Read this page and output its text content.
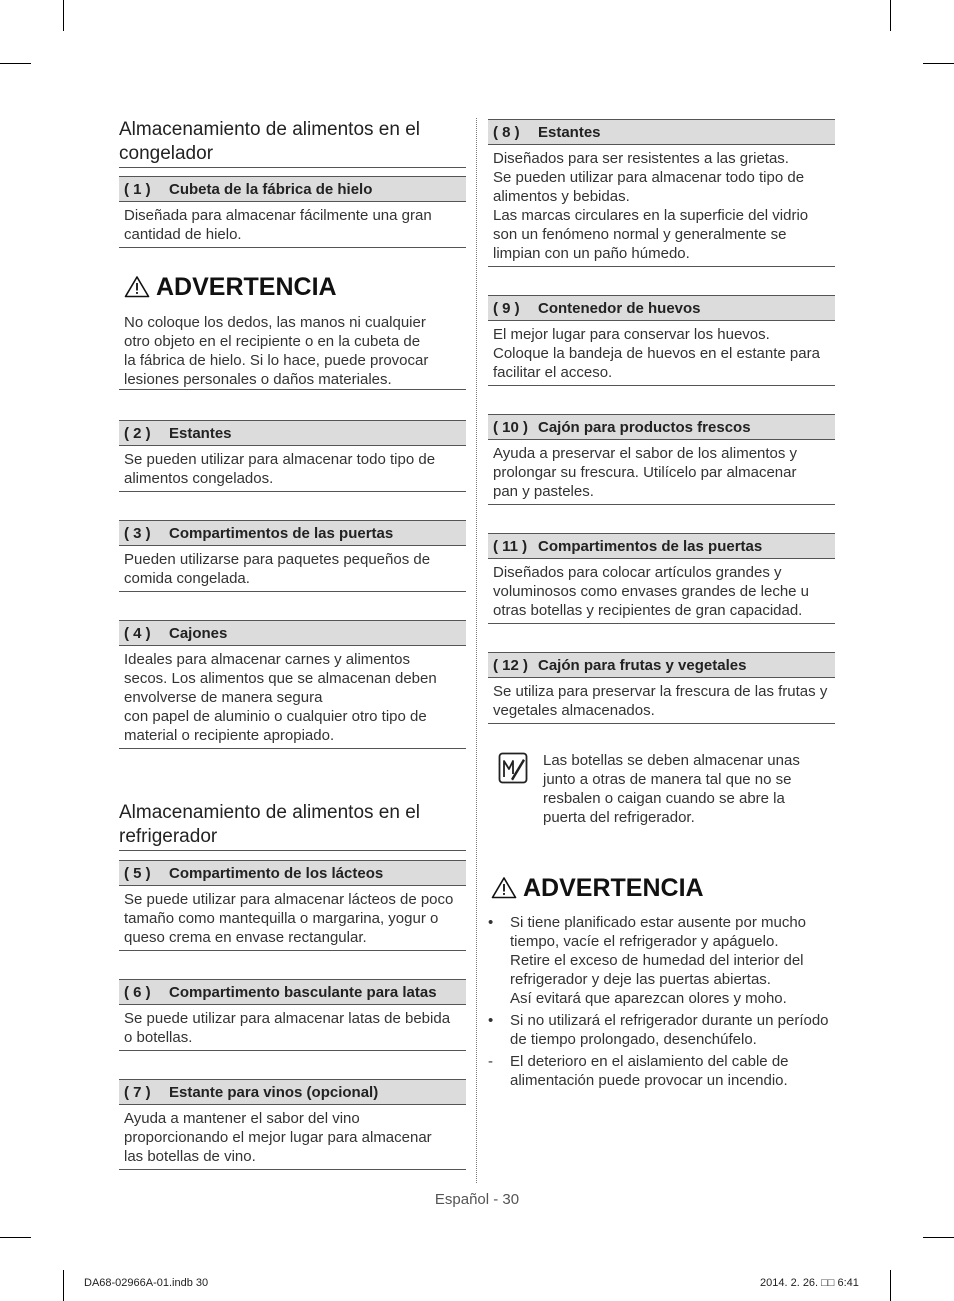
Almacenamiento de alimentos en el congelador
( 1 ) Cubeta de la fábrica de hielo
Diseñada para almacenar fácilmente una gran
cantidad de hielo.
ADVERTENCIA
No coloque los dedos, las manos ni cualquier
otro objeto en el recipiente o en la cubeta de
la fábrica de hielo. Si lo hace, puede provocar
lesiones personales o daños materiales.
( 2 ) Estantes
Se pueden utilizar para almacenar todo tipo de
alimentos congelados.
( 3 ) Compartimentos de las puertas
Pueden utilizarse para paquetes pequeños de
comida congelada.
( 4 ) Cajones
Ideales para almacenar carnes y alimentos
secos. Los alimentos que se almacenan deben
envolverse de manera segura
con papel de aluminio o cualquier otro tipo de
material o recipiente apropiado.
Almacenamiento de alimentos en el refrigerador
( 5 ) Compartimento de los lácteos
Se puede utilizar para almacenar lácteos de poco
tamaño como mantequilla o margarina, yogur o
queso crema en envase rectangular.
( 6 ) Compartimento basculante para latas
Se puede utilizar para almacenar latas de bebida
o botellas.
( 7 ) Estante para vinos (opcional)
Ayuda a mantener el sabor del vino
proporcionando el mejor lugar para almacenar
las botellas de vino.
( 8 ) Estantes
Diseñados para ser resistentes a las grietas.
Se pueden utilizar para almacenar todo tipo de
alimentos y bebidas.
Las marcas circulares en la superficie del vidrio
son un fenómeno normal y generalmente se
limpian con un paño húmedo.
( 9 ) Contenedor de huevos
El mejor lugar para conservar los huevos.
Coloque la bandeja de huevos en el estante para
facilitar el acceso.
( 10 ) Cajón para productos frescos
Ayuda a preservar el sabor de los alimentos y
prolongar su frescura. Utilícelo par almacenar
pan y pasteles.
( 11 ) Compartimentos de las puertas
Diseñados para colocar artículos grandes y
voluminosos como envases grandes de leche u
otras botellas y recipientes de gran capacidad.
( 12 ) Cajón para frutas y vegetales
Se utiliza para preservar la frescura de las frutas y
vegetales almacenados.
Las botellas se deben almacenar unas
junto a otras de manera tal que no se
resbalen o caigan cuando se abre la
puerta del refrigerador.
ADVERTENCIA
• Si tiene planificado estar ausente por mucho
tiempo, vacíe el refrigerador y apáguelo.
Retire el exceso de humedad del interior del
refrigerador y deje las puertas abiertas.
Así evitará que aparezcan olores y moho.
• Si no utilizará el refrigerador durante un período
de tiempo prolongado, desenchúfelo.
- El deterioro en el aislamiento del cable de
alimentación puede provocar un incendio.
Español - 30
DA68-02966A-01.indb 30	2014. 2. 26. □□ 6:41
